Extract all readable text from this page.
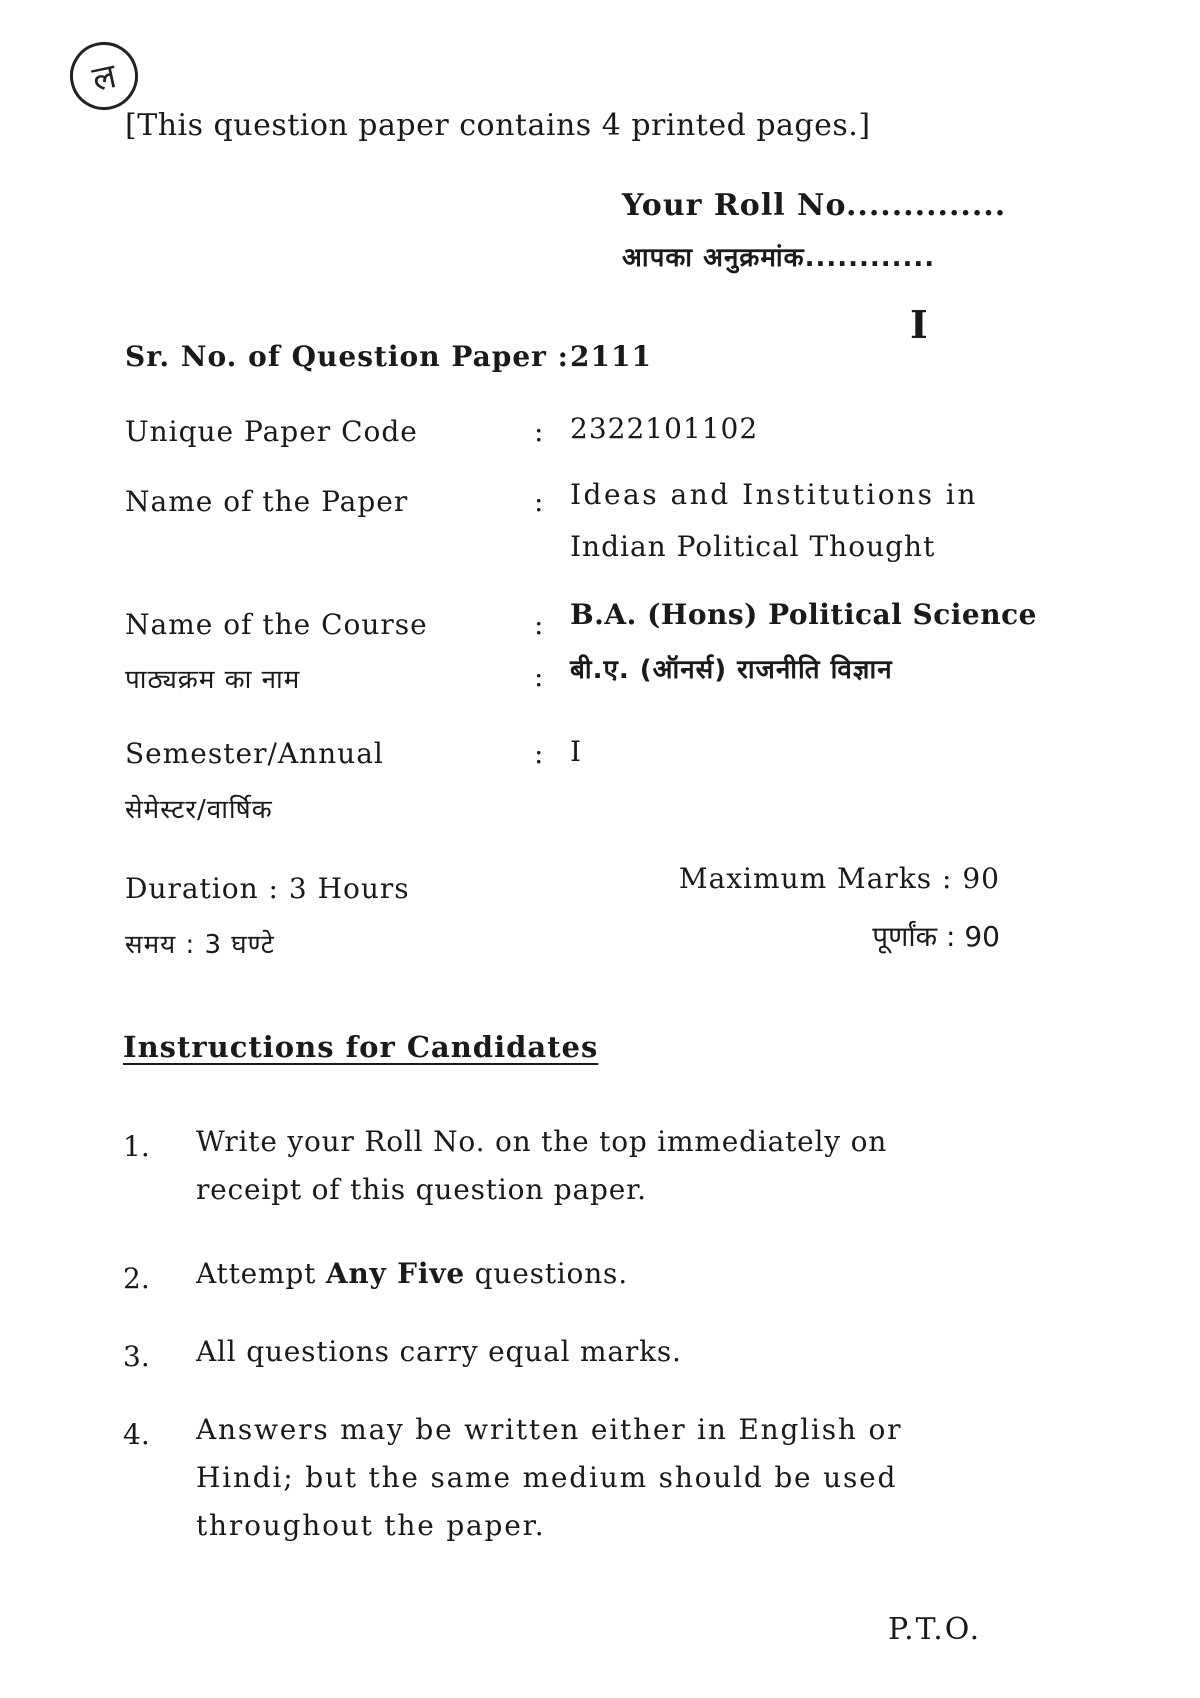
ल
[This question paper contains 4 printed pages.]
Your Roll No..............
आपका अनुक्रमांक............
I
Sr. No. of Question Paper : 2111
Unique Paper Code	: 2322101102
Name of the Paper	: Ideas and Institutions in
Indian Political Thought
Name of the Course	: B.A. (Hons) Political Science
पाठ्यक्रम का नाम	: बी.ए. (ऑनर्स) राजनीति विज्ञान
Semester/Annual	: I
सेमेस्टर/वार्षिक
Duration : 3 Hours
समय : 3 घण्टे
Maximum Marks : 90
पूर्णांक : 90
Instructions for Candidates
1. Write your Roll No. on the top immediately on receipt of this question paper.
2. Attempt Any Five questions.
3. All questions carry equal marks.
4. Answers may be written either in English or Hindi; but the same medium should be used throughout the paper.
P.T.O.
